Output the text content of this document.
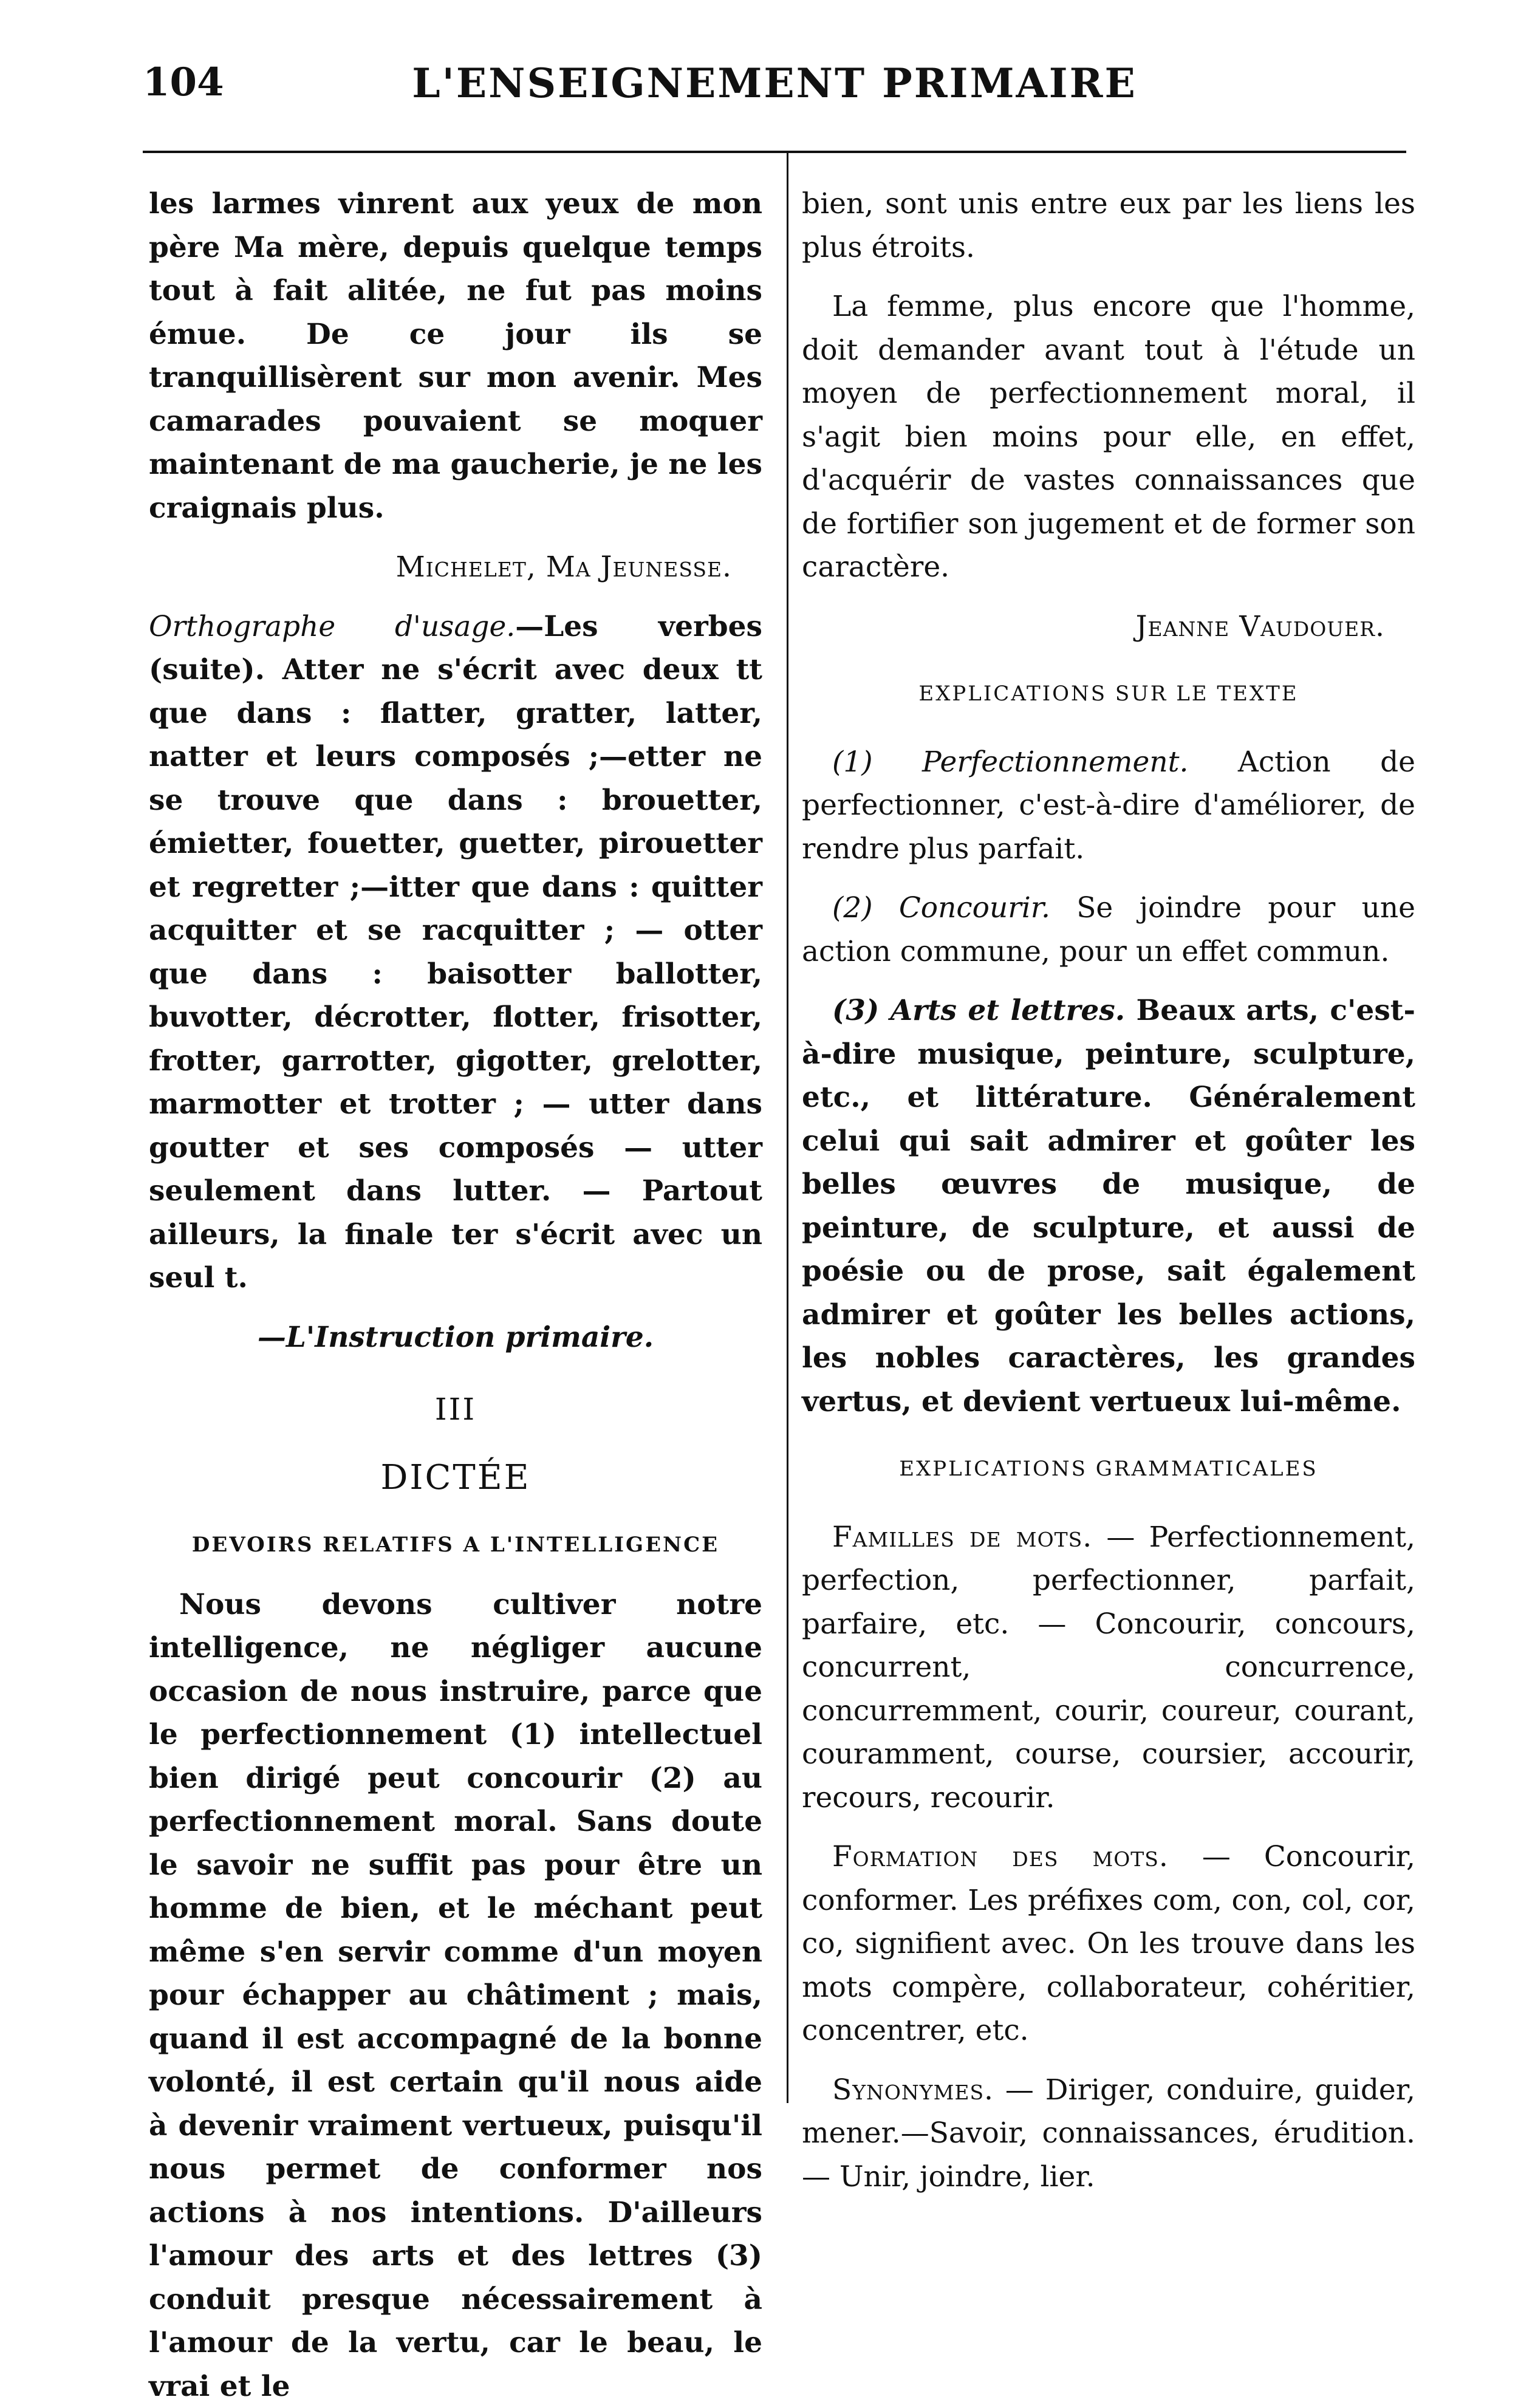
104	L'ENSEIGNEMENT PRIMAIRE

les larmes vinrent aux yeux de mon père Ma mère, depuis quelque temps tout à fait alitée, ne fut pas moins émue. De ce jour ils se tranquillisèrent sur mon avenir. Mes camarades pouvaient se moquer maintenant de ma gaucherie, je ne les craignais plus.

Michelet, Ma Jeunesse.

Orthographe d'usage.—Les verbes (suite). Atter ne s'écrit avec deux tt que dans : flatter, gratter, latter, natter et leurs composés ;—etter ne se trouve que dans : brouetter, émietter, fouetter, guetter, pirouetter et regretter ;—itter que dans : quitter acquitter et se racquitter ; — otter que dans : baisotter ballotter, buvotter, décrotter, flotter, frisotter, frotter, garrotter, gigotter, grelotter, marmotter et trotter ; — utter dans goutter et ses composés — utter seulement dans lutter. — Partout ailleurs, la finale ter s'écrit avec un seul t.

—L'Instruction primaire.

III

DICTÉE

DEVOIRS RELATIFS A L'INTELLIGENCE

Nous devons cultiver notre intelligence, ne négliger aucune occasion de nous instruire, parce que le perfectionnement (1) intellectuel bien dirigé peut concourir (2) au perfectionnement moral. Sans doute le savoir ne suffit pas pour être un homme de bien, et le méchant peut même s'en servir comme d'un moyen pour échapper au châtiment ; mais, quand il est accompagné de la bonne volonté, il est certain qu'il nous aide à devenir vraiment vertueux, puisqu'il nous permet de conformer nos actions à nos intentions. D'ailleurs l'amour des arts et des lettres (3) conduit presque nécessairement à l'amour de la vertu, car le beau, le vrai et le

bien, sont unis entre eux par les liens les plus étroits.

La femme, plus encore que l'homme, doit demander avant tout à l'étude un moyen de perfectionnement moral, il s'agit bien moins pour elle, en effet, d'acquérir de vastes connaissances que de fortifier son jugement et de former son caractère.

Jeanne Vaudouer.

EXPLICATIONS SUR LE TEXTE

(1) Perfectionnement. Action de perfectionner, c'est-à-dire d'améliorer, de rendre plus parfait.

(2) Concourir. Se joindre pour une action commune, pour un effet commun.

(3) Arts et lettres. Beaux arts, c'est-à-dire musique, peinture, sculpture, etc., et littérature. Généralement celui qui sait admirer et goûter les belles œuvres de musique, de peinture, de sculpture, et aussi de poésie ou de prose, sait également admirer et goûter les belles actions, les nobles caractères, les grandes vertus, et devient vertueux lui-même.

EXPLICATIONS GRAMMATICALES

Familles de mots. — Perfectionnement, perfection, perfectionner, parfait, parfaire, etc. — Concourir, concours, concurrent, concurrence, concurremment, courir, coureur, courant, couramment, course, coursier, accourir, recours, recourir.

Formation des mots. — Concourir, conformer. Les préfixes com, con, col, cor, co, signifient avec. On les trouve dans les mots compère, collaborateur, cohéritier, concentrer, etc.

Synonymes. — Diriger, conduire, guider, mener.—Savoir, connaissances, érudition.— Unir, joindre, lier.
